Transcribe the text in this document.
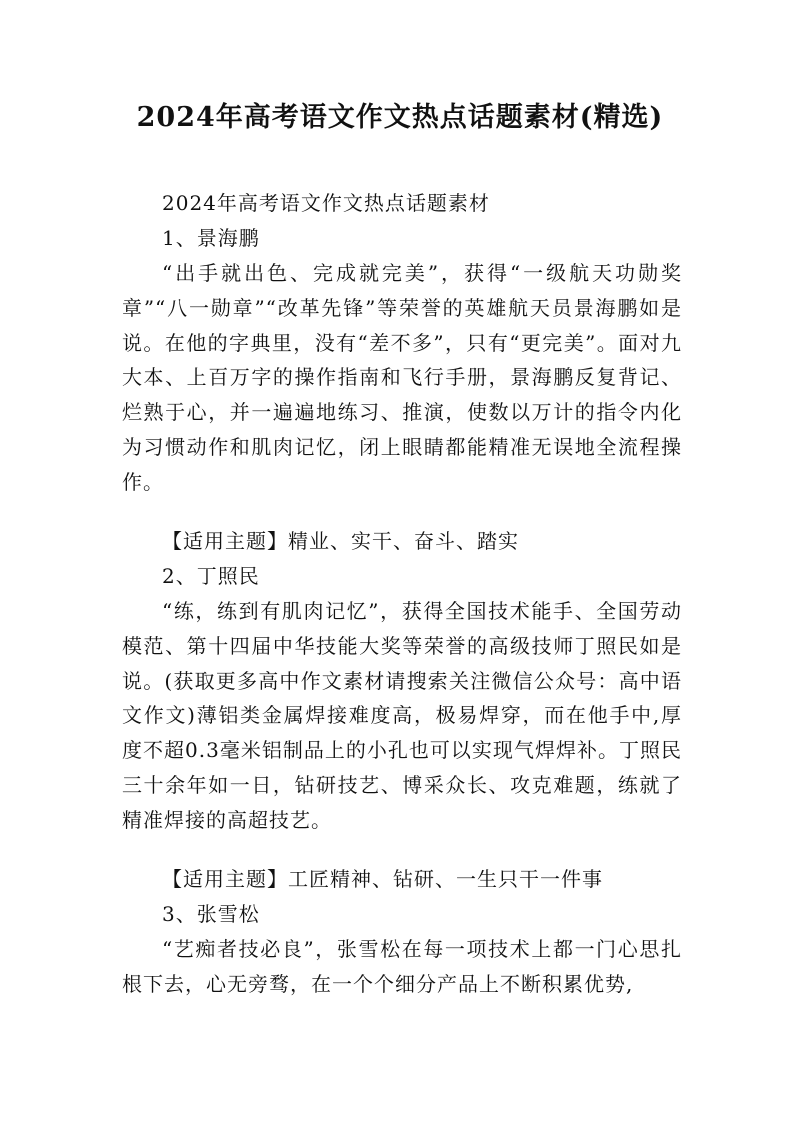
2024年高考语文作文热点话题素材(精选)
2024年高考语文作文热点话题素材
1、景海鹏

“出手就出色、完成就完美”，获得“一级航天功勋奖章”“八一勋章”“改革先锋”等荣誉的英雄航天员景海鹏如是说。在他的字典里，没有“差不多”，只有“更完美”。面对九大本、上百万字的操作指南和飞行手册，景海鹏反复背记、烂熟于心，并一遍遍地练习、推演，使数以万计的指令内化为习惯动作和肌肉记忆，闭上眼睛都能精准无误地全流程操作。

【适用主题】精业、实干、奋斗、踏实
2、丁照民

“练，练到有肌肉记忆”，获得全国技术能手、全国劳动模范、第十四届中华技能大奖等荣誉的高级技师丁照民如是说。(获取更多高中作文素材请搜索关注微信公众号：高中语文作文)薄铝类金属焊接难度高，极易焊穿，而在他手中,厚度不超0.3毫米铝制品上的小孔也可以实现气焊焊补。丁照民三十余年如一日，钻研技艺、博采众长、攻克难题，练就了精准焊接的高超技艺。

【适用主题】工匠精神、钻研、一生只干一件事
3、张雪松

“艺痴者技必良”，张雪松在每一项技术上都一门心思扎根下去，心无旁骛，在一个个细分产品上不断积累优势,
